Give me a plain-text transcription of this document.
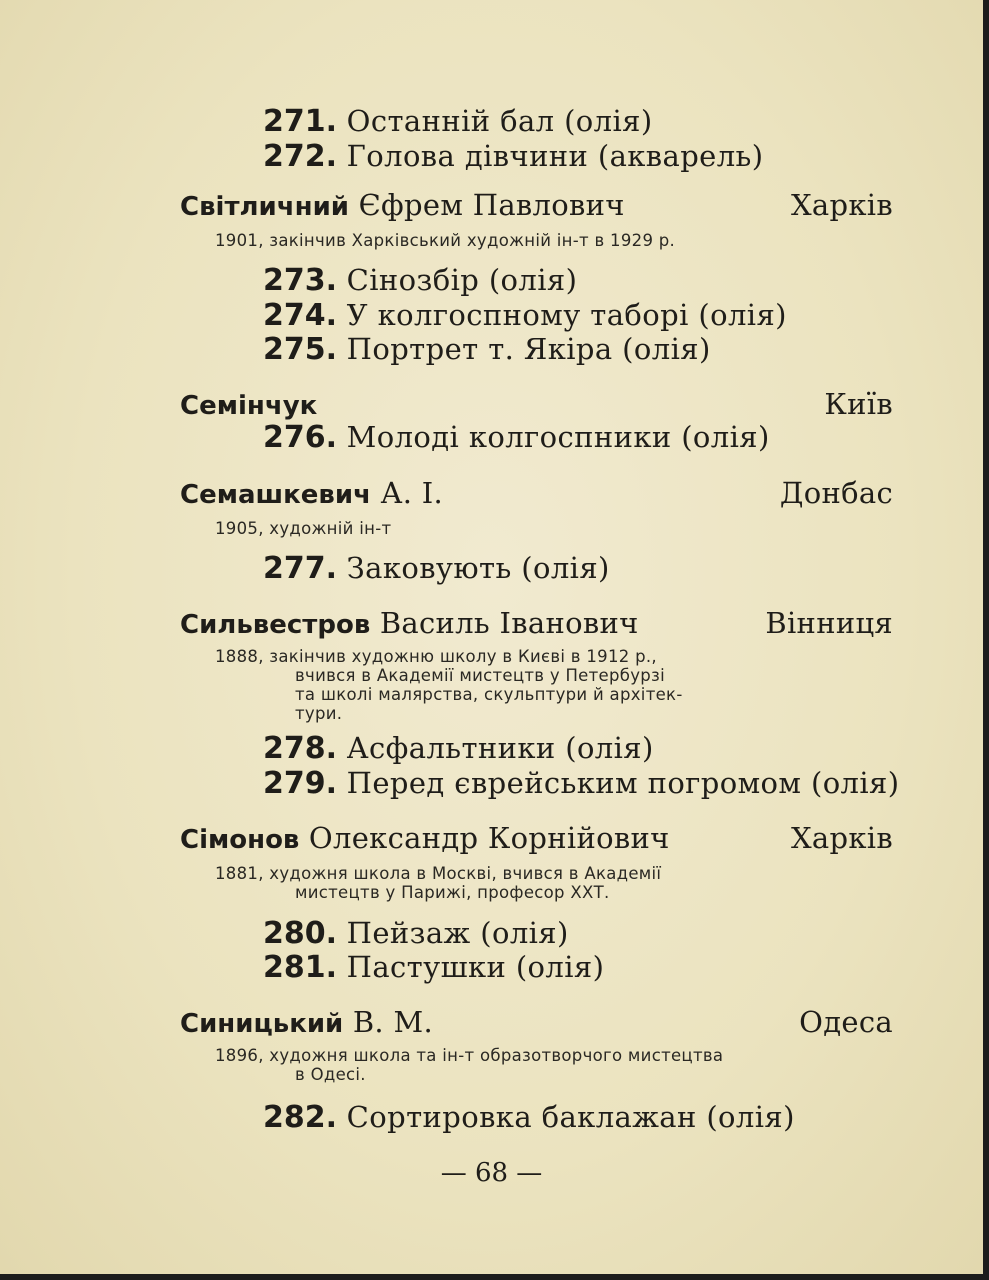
271. Останній бал (олія)
272. Голова дівчини (акварель)
Світличний Єфрем Павлович	Харків
1901, закінчив Харківський художній ін-т в 1929 р.
273. Сінозбір (олія)
274. У колгоспному таборі (олія)
275. Портрет т. Якіра (олія)
Семінчук	Київ
276. Молоді колгоспники (олія)
Семашкевич А. І.	Донбас
1905, художній ін-т
277. Заковують (олія)
Сильвестров Василь Іванович	Вінниця
1888, закінчив художню школу в Києві в 1912 р.,
вчився в Академії мистецтв у Петербурзі
та школі малярства, скульптури й архітек-
тури.
278. Асфальтники (олія)
279. Перед єврейським погромом (олія)
Сімонов Олександр Корнійович	Харків
1881, художня школа в Москві, вчився в Академії
мистецтв у Парижі, професор ХХТ.
280. Пейзаж (олія)
281. Пастушки (олія)
Синицький В. М.	Одеса
1896, художня школа та ін-т образотворчого мистецтва
в Одесі.
282. Сортировка баклажан (олія)
— 68 —
